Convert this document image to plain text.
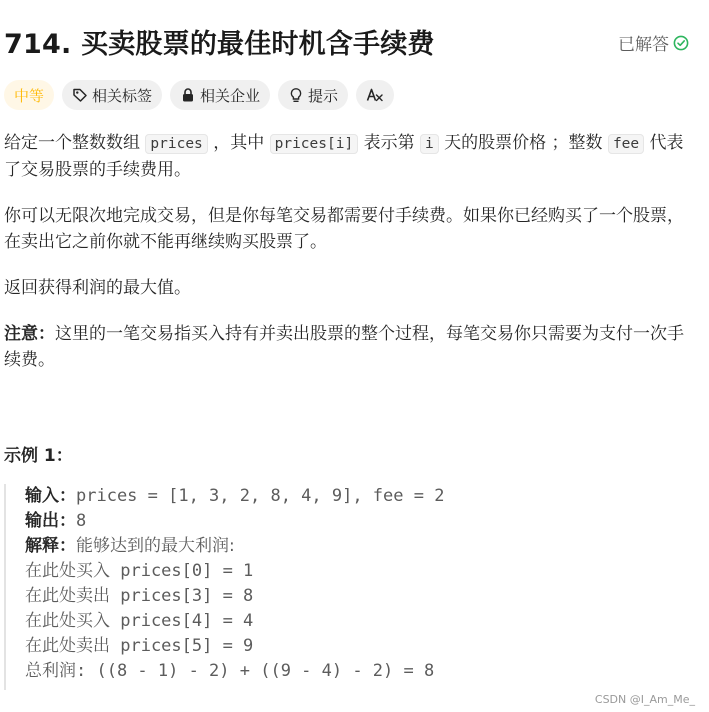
714. 买卖股票的最佳时机含手续费	已解答
中等	相关标签	相关企业	提示

给定一个整数数组 prices ，其中 prices[i] 表示第 i 天的股票价格 ；整数 fee 代表了交易股票的手续费用。

你可以无限次地完成交易，但是你每笔交易都需要付手续费。如果你已经购买了一个股票，在卖出它之前你就不能再继续购买股票了。

返回获得利润的最大值。

注意：这里的一笔交易指买入持有并卖出股票的整个过程，每笔交易你只需要为支付一次手续费。

示例 1：
输入：prices = [1, 3, 2, 8, 4, 9], fee = 2
输出：8
解释：能够达到的最大利润:
在此处买入 prices[0] = 1
在此处卖出 prices[3] = 8
在此处买入 prices[4] = 4
在此处卖出 prices[5] = 9
总利润: ((8 - 1) - 2) + ((9 - 4) - 2) = 8
CSDN @I_Am_Me_
